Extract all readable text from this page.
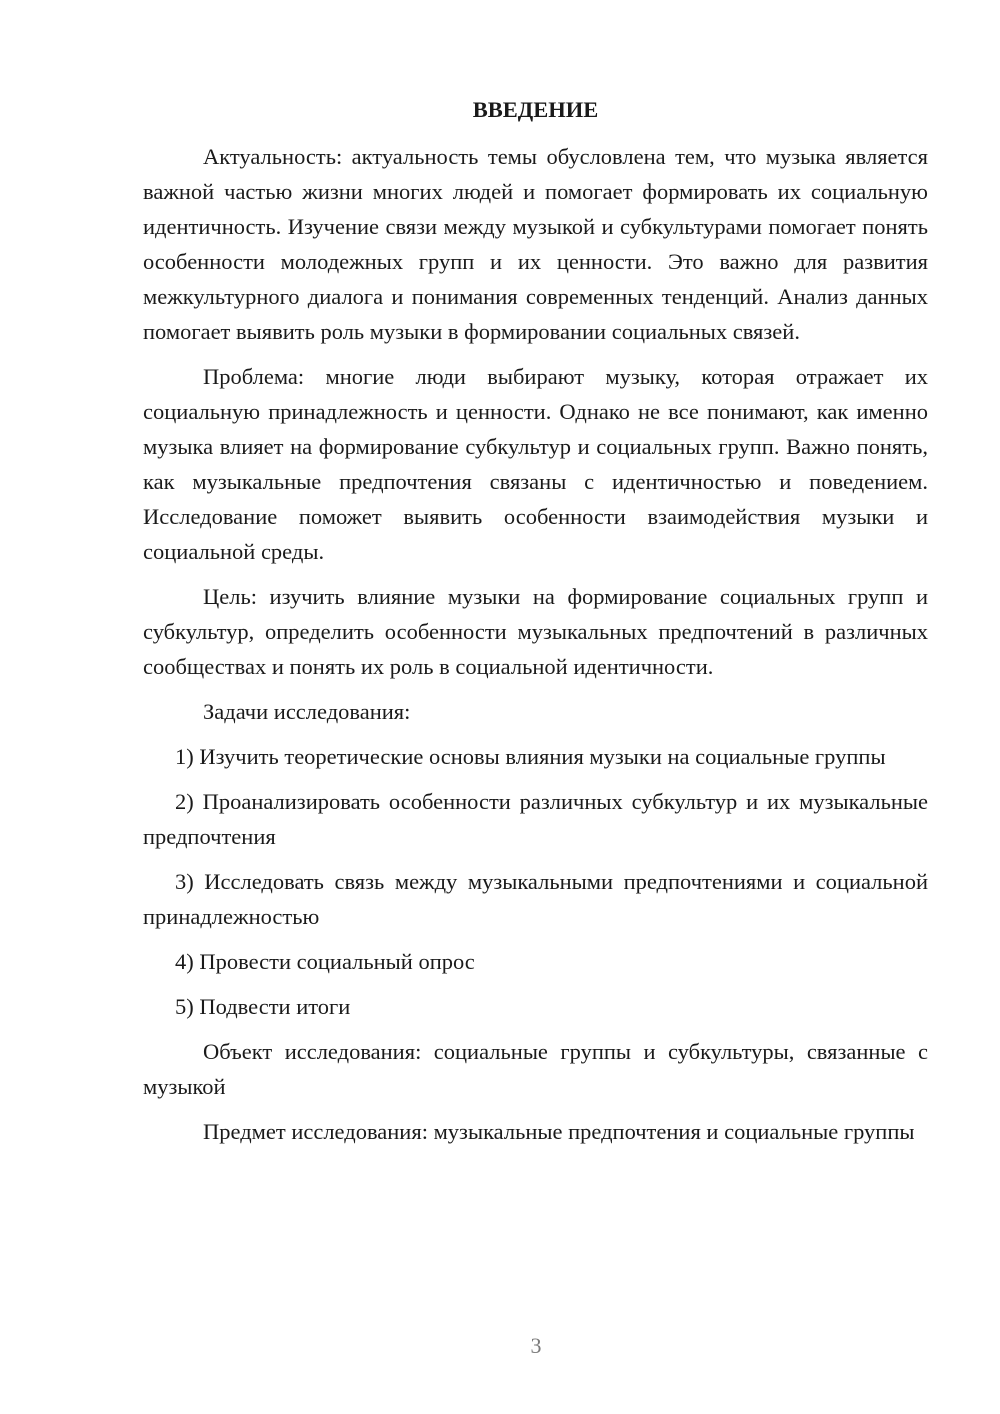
ВВЕДЕНИЕ

Актуальность: актуальность темы обусловлена тем, что музыка является важной частью жизни многих людей и помогает формировать их социальную идентичность. Изучение связи между музыкой и субкультурами помогает понять особенности молодежных групп и их ценности. Это важно для развития межкультурного диалога и понимания современных тенденций. Анализ данных помогает выявить роль музыки в формировании социальных связей.

Проблема: многие люди выбирают музыку, которая отражает их социальную принадлежность и ценности. Однако не все понимают, как именно музыка влияет на формирование субкультур и социальных групп. Важно понять, как музыкальные предпочтения связаны с идентичностью и поведением. Исследование поможет выявить особенности взаимодействия музыки и социальной среды.

Цель: изучить влияние музыки на формирование социальных групп и субкультур, определить особенности музыкальных предпочтений в различных сообществах и понять их роль в социальной идентичности.

Задачи исследования:

1) Изучить теоретические основы влияния музыки на социальные группы

2) Проанализировать особенности различных субкультур и их музыкальные предпочтения

3) Исследовать связь между музыкальными предпочтениями и социальной принадлежностью

4) Провести социальный опрос

5) Подвести итоги

Объект исследования: социальные группы и субкультуры, связанные с музыкой

Предмет исследования: музыкальные предпочтения и социальные группы

3
